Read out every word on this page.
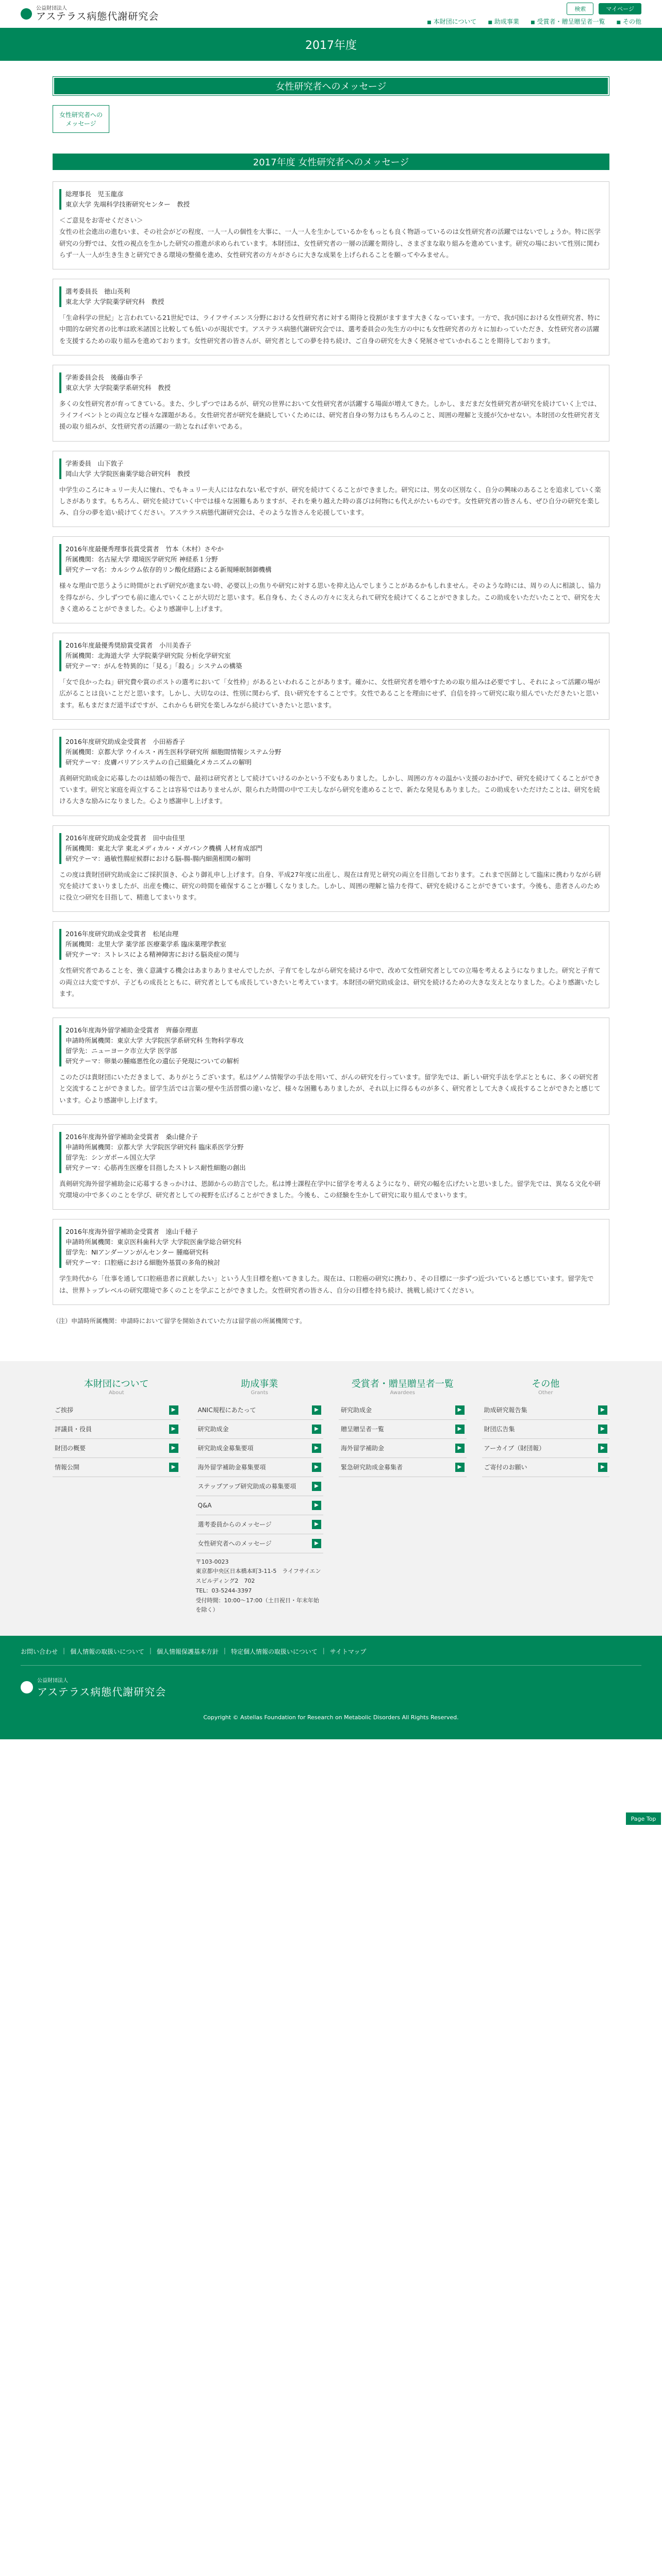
公益財団法人
アステラス病態代謝研究会
検索	マイページ
■ 本財団について	■ 助成事業	■ 受賞者・贈呈贈呈者一覧	■ その他
2017年度
女性研究者へのメッセージ
女性研究者への
メッセージ
2017年度 女性研究者へのメッセージ
総理事長　児玉龍彦
東京大学 先端科学技術研究センター　教授
＜ご意見をお寄せください＞
女性の社会進出の進むいま、その社会がどの程度、一人一人の個性を大事に、一人一人を生かしているかをもっとも良く物語っているのは女性研究者の活躍ではないでしょうか。特に医学研究の分野では、女性の視点を生かした研究の推進が求められています。本財団は、女性研究者の一層の活躍を期待し、さまざまな取り組みを進めています。研究の場において性別に関わらず一人一人が生き生きと研究できる環境の整備を進め、女性研究者の方々がさらに大きな成果を上げられることを願ってやみません。
選考委員長　徳山英利
東北大学 大学院薬学研究科　教授
「生命科学の世紀」と言われている21世紀では、ライフサイエンス分野における女性研究者に対する期待と役割がますます大きくなっています。一方で、我が国における女性研究者、特に中間的な研究者の比率は欧米諸国と比較しても低いのが現状です。アステラス病態代謝研究会では、選考委員会の先生方の中にも女性研究者の方々に加わっていただき、女性研究者の活躍を支援するための取り組みを進めております。女性研究者の皆さんが、研究者としての夢を持ち続け、ご自身の研究を大きく発展させていかれることを期待しております。
学術委員会長　後藤由季子
東京大学 大学院薬学系研究科　教授
多くの女性研究者が育ってきている。また、少しずつではあるが、研究の世界において女性研究者が活躍する場面が増えてきた。しかし、まだまだ女性研究者が研究を続けていく上では、ライフイベントとの両立など様々な課題がある。女性研究者が研究を継続していくためには、研究者自身の努力はもちろんのこと、周囲の理解と支援が欠かせない。本財団の女性研究者支援の取り組みが、女性研究者の活躍の一助となれば幸いである。
学術委員　山下敦子
岡山大学 大学院医歯薬学総合研究科　教授
中学生のころにキュリー夫人に憧れ、でもキュリー夫人にはなれない私ですが、研究を続けてくることができました。研究には、男女の区別なく、自分の興味のあることを追求していく楽しさがあります。もちろん、研究を続けていく中では様々な困難もありますが、それを乗り越えた時の喜びは何物にも代えがたいものです。女性研究者の皆さんも、ぜひ自分の研究を楽しみ、自分の夢を追い続けてください。アステラス病態代謝研究会は、そのような皆さんを応援しています。
2016年度最優秀理事長賞受賞者　竹本（木村）さやか
所属機関：名古屋大学 環境医学研究所 神経系１分野
研究テーマ名：カルシウム依存的リン酸化経路による新規睡眠制御機構
様々な理由で思うように時間がとれず研究が進まない時、必要以上の焦りや研究に対する思いを抑え込んでしまうことがあるかもしれません。そのような時には、周りの人に相談し、協力を得ながら、少しずつでも前に進んでいくことが大切だと思います。私自身も、たくさんの方々に支えられて研究を続けてくることができました。この助成をいただいたことで、研究を大きく進めることができました。心より感謝申し上げます。
2016年度最優秀奨励賞受賞者　小川美香子
所属機関：北海道大学 大学院薬学研究院 分析化学研究室
研究テーマ：がんを特異的に「見る」「殺る」システムの構築
「女で良かったね」研究費や賞のポストの選考において「女性枠」があるといわれることがあります。確かに、女性研究者を増やすための取り組みは必要ですし、それによって活躍の場が広がることは良いことだと思います。しかし、大切なのは、性別に関わらず、良い研究をすることです。女性であることを理由にせず、自信を持って研究に取り組んでいただきたいと思います。私もまだまだ道半ばですが、これからも研究を楽しみながら続けていきたいと思います。
2016年度研究助成金受賞者　小田裕香子
所属機関：京都大学 ウイルス・再生医科学研究所 細胞間情報システム分野
研究テーマ：皮膚バリアシステムの自己組織化メカニズムの解明
真剣研究助成金に応募したのは結婚の報告で、最初は研究者として続けていけるのかという不安もありました。しかし、周囲の方々の温かい支援のおかげで、研究を続けてくることができています。研究と家庭を両立することは容易ではありませんが、限られた時間の中で工夫しながら研究を進めることで、新たな発見もありました。この助成をいただけたことは、研究を続ける大きな励みになりました。心より感謝申し上げます。
2016年度研究助成金受賞者　田中由佳里
所属機関：東北大学 東北メディカル・メガバンク機構 人材育成部門
研究テーマ：過敏性腸症候群における脳-腸-腸内細菌相関の解明
この度は貴財団研究助成金にご採択頂き、心より御礼申し上げます。自身、平成27年度に出産し、現在は育児と研究の両立を目指しております。これまで医師として臨床に携わりながら研究を続けてまいりましたが、出産を機に、研究の時間を確保することが難しくなりました。しかし、周囲の理解と協力を得て、研究を続けることができています。今後も、患者さんのために役立つ研究を目指して、精進してまいります。
2016年度研究助成金受賞者　松尾由理
所属機関：北里大学 薬学部 医療薬学系 臨床薬理学教室
研究テーマ：ストレスによる精神障害における脳炎症の関与
女性研究者であることを、強く意識する機会はあまりありませんでしたが、子育てをしながら研究を続ける中で、改めて女性研究者としての立場を考えるようになりました。研究と子育ての両立は大変ですが、子どもの成長とともに、研究者としても成長していきたいと考えています。本財団の研究助成金は、研究を続けるための大きな支えとなりました。心より感謝いたします。
2016年度海外留学補助金受賞者　齊藤奈理恵
申請時所属機関：東京大学 大学院医学系研究科 生物科学専攻
留学先：ニューヨーク市立大学 医学部
研究テーマ：卵巣の腫瘍悪性化の遺伝子発現についての解析
このたびは貴財団にいただきまして、ありがとうございます。私はゲノム情報学の手法を用いて、がんの研究を行っています。留学先では、新しい研究手法を学ぶとともに、多くの研究者と交流することができました。留学生活では言葉の壁や生活習慣の違いなど、様々な困難もありましたが、それ以上に得るものが多く、研究者として大きく成長することができたと感じています。心より感謝申し上げます。
2016年度海外留学補助金受賞者　桑山健介子
申請時所属機関：京都大学 大学院医学研究科 臨床系医学分野
留学先：シンガポール国立大学
研究テーマ：心筋再生医療を目指したストレス耐性細胞の創出
真剣研究海外留学補助金に応募するきっかけは、恩師からの助言でした。私は博士課程在学中に留学を考えるようになり、研究の幅を広げたいと思いました。留学先では、異なる文化や研究環境の中で多くのことを学び、研究者としての視野を広げることができました。今後も、この経験を生かして研究に取り組んでまいります。
2016年度海外留学補助金受賞者　遠山千穂子
申請時所属機関：東京医科歯科大学 大学院医歯学総合研究科
留学先：NIアンダーソンがんセンター 腫瘍研究科
研究テーマ：口腔癌における細胞外基質の多角的検討
学生時代から「仕事を通して口腔癌患者に貢献したい」という人生目標を抱いてきました。現在は、口腔癌の研究に携わり、その目標に一歩ずつ近づいていると感じています。留学先では、世界トップレベルの研究環境で多くのことを学ぶことができました。女性研究者の皆さん、自分の目標を持ち続け、挑戦し続けてください。
（注）申請時所属機関：申請時において留学を開始されていた方は留学前の所属機関です。
Page Top
本財団について
About
ご挨拶	▶
評議員・役員	▶
財団の概要	▶
情報公開	▶
助成事業
Grants
ANIC規程にあたって	▶
研究助成金	▶
研究助成金募集要項	▶
海外留学補助金募集要項	▶
ステップアップ研究助成の募集要項	▶
Q&A	▶
選考委員からのメッセージ	▶
女性研究者へのメッセージ	▶
〒103-0023
東京都中央区日本橋本町3-11-5　ライフサイエンスビルディング2　702
TEL：03-5244-3397
受付時間：10:00〜17:00（土日祝日・年末年始を除く）
受賞者・贈呈贈呈者一覧
Awardees
研究助成金	▶
贈呈贈呈者一覧	▶
海外留学補助金	▶
緊急研究助成金募集者	▶
その他
Other
助成研究報告集	▶
財団広告集	▶
アーカイブ（財団報）	▶
ご寄付のお願い	▶
お問い合わせ | 個人情報の取扱いについて | 個人情報保護基本方針 | 特定個人情報の取扱いについて | サイトマップ
公益財団法人
アステラス病態代謝研究会
Copyright © Astellas Foundation for Research on Metabolic Disorders All Rights Reserved.
